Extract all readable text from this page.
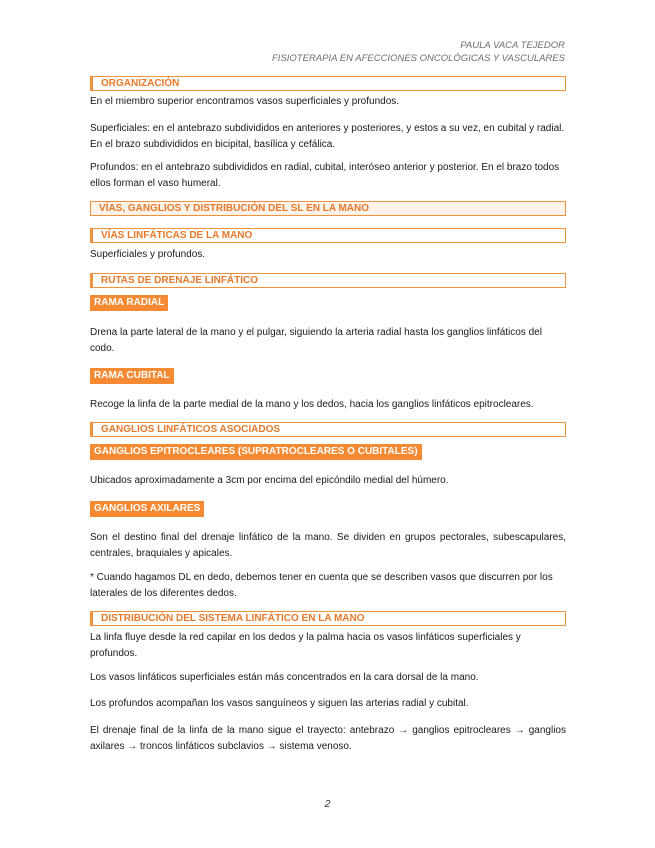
PAULA VACA TEJEDOR
FISIOTERAPIA EN AFECCIONES ONCOLÓGICAS Y VASCULARES
ORGANIZACIÓN

En el miembro superior encontramos vasos superficiales y profundos.

Superficiales: en el antebrazo subdivididos en anteriores y posteriores, y estos a su vez, en cubital y radial. En el brazo subdivididos en bicipital, basílica y cefálica.

Profundos: en el antebrazo subdivididos en radial, cubital, interóseo anterior y posterior. En el brazo todos ellos forman el vaso humeral.

VÍAS, GANGLIOS Y DISTRIBUCIÓN DEL SL EN LA MANO
VÍAS LINFÁTICAS DE LA MANO

Superficiales y profundos.

RUTAS DE DRENAJE LINFÁTICO
RAMA RADIAL

Drena la parte lateral de la mano y el pulgar, siguiendo la arteria radial hasta los ganglios linfáticos del codo.

RAMA CUBITAL

Recoge la linfa de la parte medial de la mano y los dedos, hacia los ganglios linfáticos epitrocleares.

GANGLIOS LINFÁTICOS ASOCIADOS
GANGLIOS EPITROCLEARES (SUPRATROCLEARES O CUBITALES)

Ubicados aproximadamente a 3cm por encima del epicóndilo medial del húmero.

GANGLIOS AXILARES

Son el destino final del drenaje linfático de la mano. Se dividen en grupos pectorales, subescapulares, centrales, braquiales y apicales.

* Cuando hagamos DL en dedo, debemos tener en cuenta que se describen vasos que discurren por los laterales de los diferentes dedos.

DISTRIBUCIÓN DEL SISTEMA LINFÁTICO EN LA MANO

La linfa fluye desde la red capilar en los dedos y la palma hacia os vasos linfáticos superficiales y profundos.

Los vasos linfáticos superficiales están más concentrados en la cara dorsal de la mano.

Los profundos acompañan los vasos sanguíneos y siguen las arterias radial y cubital.

El drenaje final de la linfa de la mano sigue el trayecto: antebrazo → ganglios epitrocleares → ganglios axilares → troncos linfáticos subclavios → sistema venoso.

2
